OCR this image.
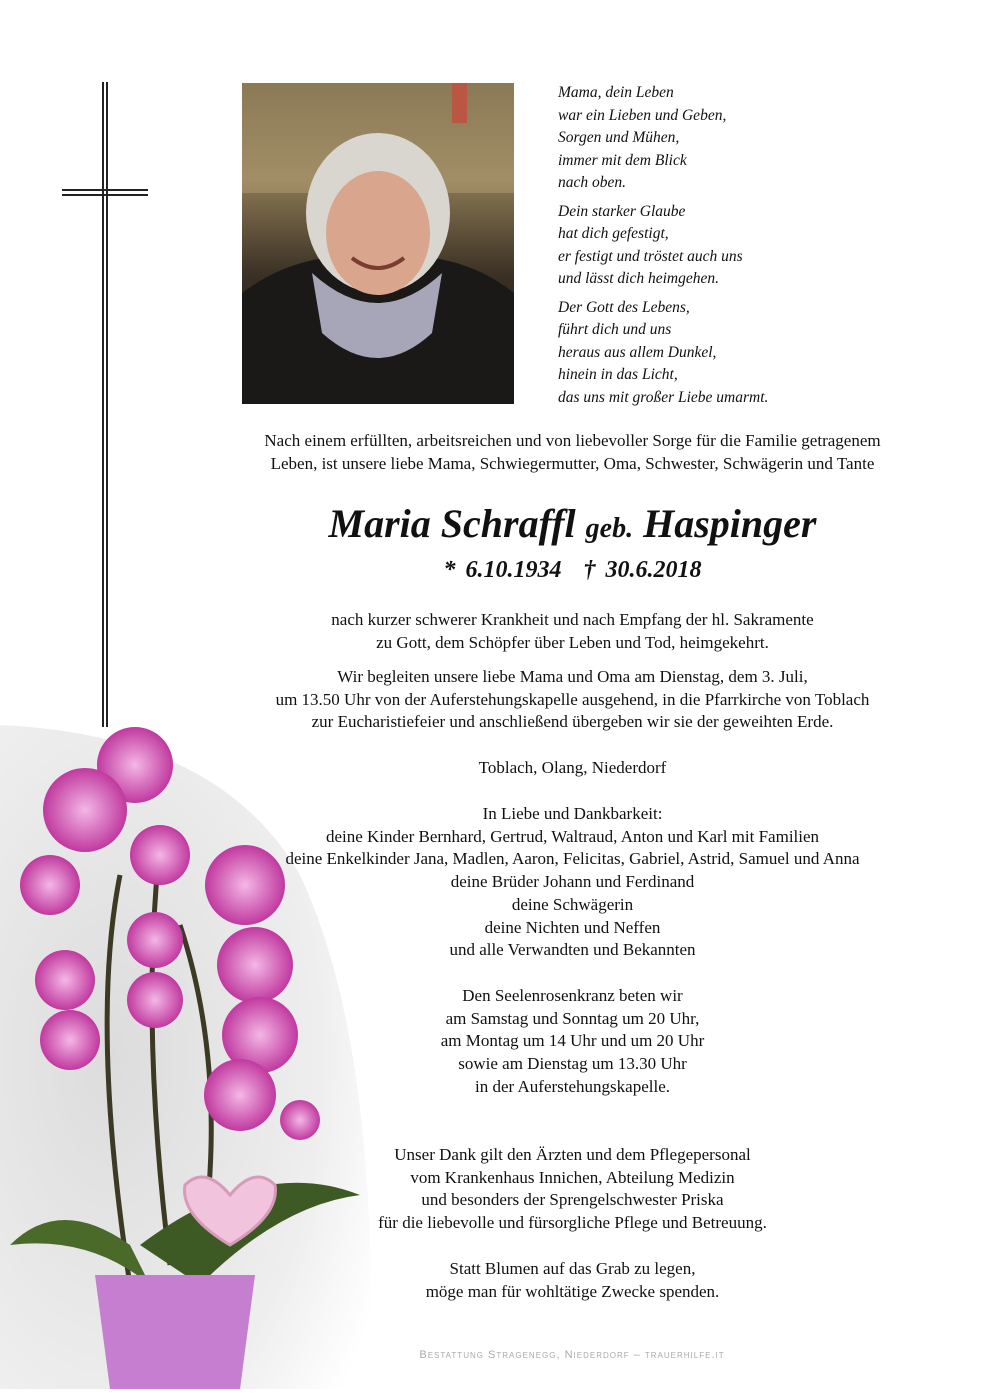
Mama, dein Leben
war ein Lieben und Geben,
Sorgen und Mühen,
immer mit dem Blick
nach oben.
Dein starker Glaube
hat dich gefestigt,
er festigt und tröstet auch uns
und lässt dich heimgehen.
Der Gott des Lebens,
führt dich und uns
heraus aus allem Dunkel,
hinein in das Licht,
das uns mit großer Liebe umarmt.
Nach einem erfüllten, arbeitsreichen und von liebevoller Sorge für die Familie getragenem
Leben, ist unsere liebe Mama, Schwiegermutter, Oma, Schwester, Schwägerin und Tante
Maria Schraffl geb. Haspinger
* 6.10.1934 † 30.6.2018
nach kurzer schwerer Krankheit und nach Empfang der hl. Sakramente
zu Gott, dem Schöpfer über Leben und Tod, heimgekehrt.
Wir begleiten unsere liebe Mama und Oma am Dienstag, dem 3. Juli,
um 13.50 Uhr von der Auferstehungskapelle ausgehend, in die Pfarrkirche von Toblach
zur Eucharistiefeier und anschließend übergeben wir sie der geweihten Erde.
Toblach, Olang, Niederdorf
In Liebe und Dankbarkeit:
deine Kinder Bernhard, Gertrud, Waltraud, Anton und Karl mit Familien
deine Enkelkinder Jana, Madlen, Aaron, Felicitas, Gabriel, Astrid, Samuel und Anna
deine Brüder Johann und Ferdinand
deine Schwägerin
deine Nichten und Neffen
und alle Verwandten und Bekannten
Den Seelenrosenkranz beten wir
am Samstag und Sonntag um 20 Uhr,
am Montag um 14 Uhr und um 20 Uhr
sowie am Dienstag um 13.30 Uhr
in der Auferstehungskapelle.
Unser Dank gilt den Ärzten und dem Pflegepersonal
vom Krankenhaus Innichen, Abteilung Medizin
und besonders der Sprengelschwester Priska
für die liebevolle und fürsorgliche Pflege und Betreuung.
Statt Blumen auf das Grab zu legen,
möge man für wohltätige Zwecke spenden.
Bestattung Stragenegg, Niederdorf – trauerhilfe.it
